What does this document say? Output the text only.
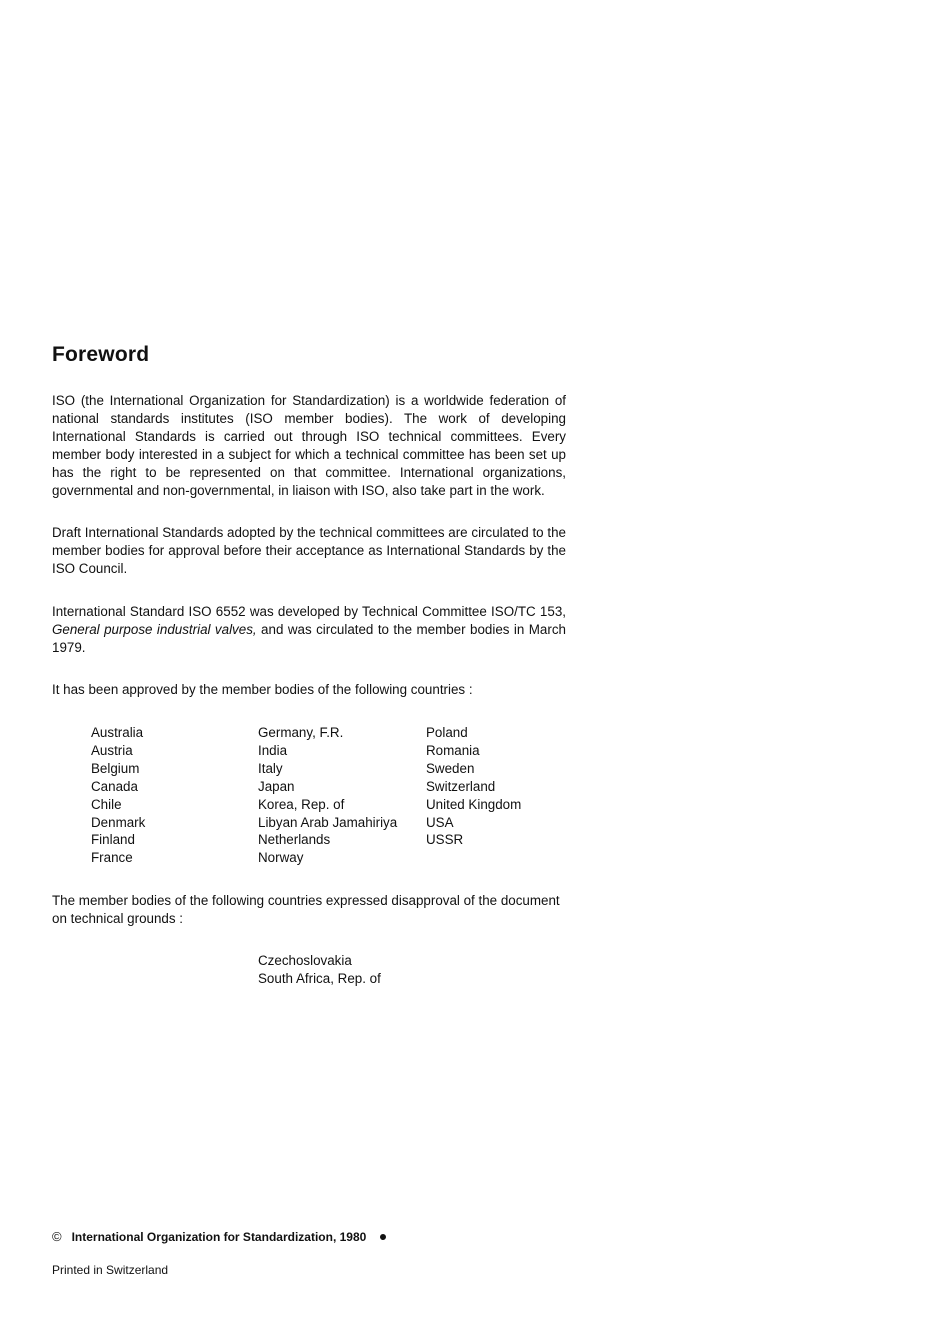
Foreword

ISO (the International Organization for Standardization) is a worldwide federation of national standards institutes (ISO member bodies). The work of developing International Standards is carried out through ISO technical committees. Every member body interested in a subject for which a technical committee has been set up has the right to be represented on that committee. International organizations, governmental and non-governmental, in liaison with ISO, also take part in the work.

Draft International Standards adopted by the technical committees are circulated to the member bodies for approval before their acceptance as International Standards by the ISO Council.

International Standard ISO 6552 was developed by Technical Committee ISO/TC 153, General purpose industrial valves, and was circulated to the member bodies in March 1979.

It has been approved by the member bodies of the following countries :

Australia
Austria
Belgium
Canada
Chile
Denmark
Finland
France
Germany, F.R.
India
Italy
Japan
Korea, Rep. of
Libyan Arab Jamahiriya
Netherlands
Norway
Poland
Romania
Sweden
Switzerland
United Kingdom
USA
USSR

The member bodies of the following countries expressed disapproval of the document on technical grounds :

Czechoslovakia
South Africa, Rep. of
© International Organization for Standardization, 1980
Printed in Switzerland
